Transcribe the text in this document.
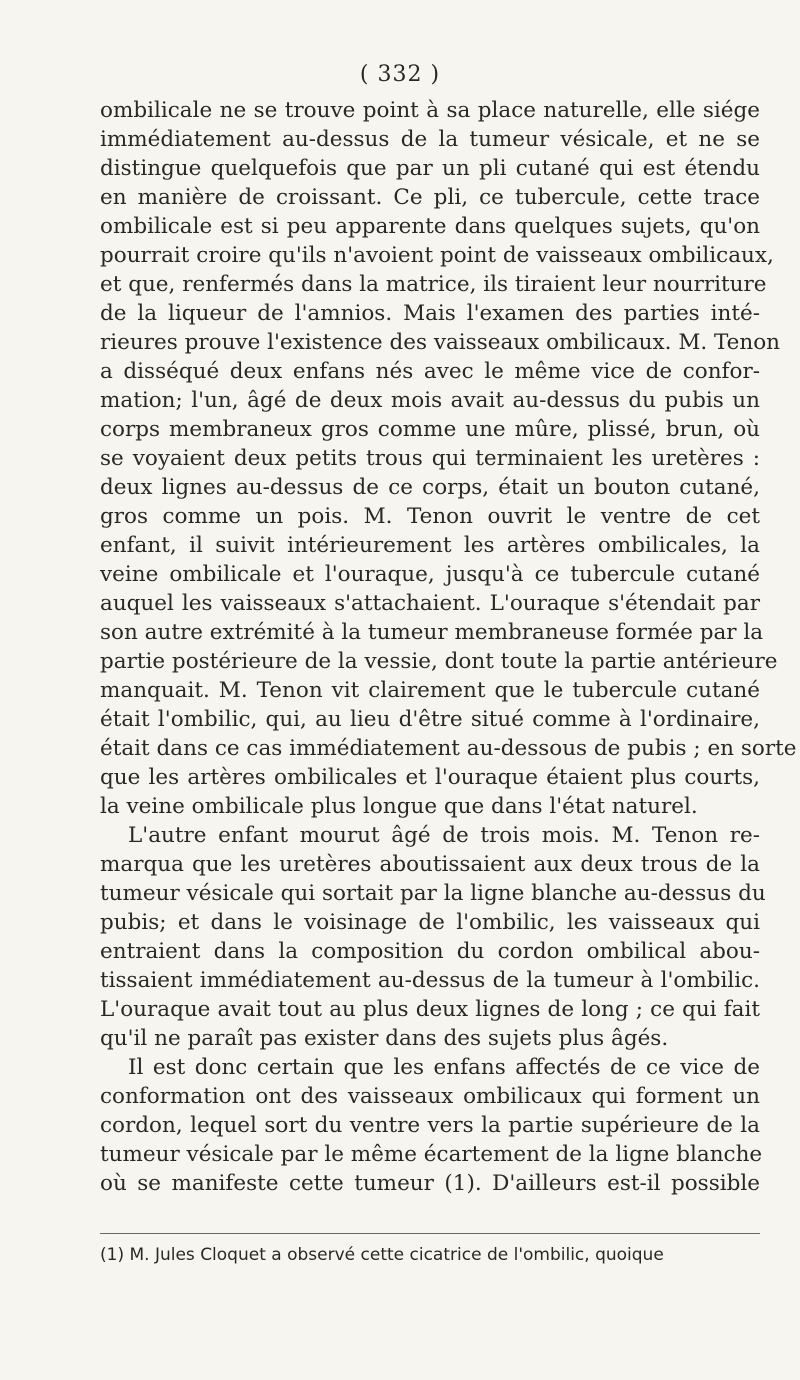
( 332 )
ombilicale ne se trouve point à sa place naturelle, elle siége
immédiatement au-dessus de la tumeur vésicale, et ne se
distingue quelquefois que par un pli cutané qui est étendu
en manière de croissant. Ce pli, ce tubercule, cette trace
ombilicale est si peu apparente dans quelques sujets, qu'on
pourrait croire qu'ils n'avoient point de vaisseaux ombilicaux,
et que, renfermés dans la matrice, ils tiraient leur nourriture
de la liqueur de l'amnios. Mais l'examen des parties inté-
rieures prouve l'existence des vaisseaux ombilicaux. M. Tenon
a disséqué deux enfans nés avec le même vice de confor-
mation; l'un, âgé de deux mois avait au-dessus du pubis un
corps membraneux gros comme une mûre, plissé, brun, où
se voyaient deux petits trous qui terminaient les uretères :
deux lignes au-dessus de ce corps, était un bouton cutané,
gros comme un pois. M. Tenon ouvrit le ventre de cet
enfant, il suivit intérieurement les artères ombilicales, la
veine ombilicale et l'ouraque, jusqu'à ce tubercule cutané
auquel les vaisseaux s'attachaient. L'ouraque s'étendait par
son autre extrémité à la tumeur membraneuse formée par la
partie postérieure de la vessie, dont toute la partie antérieure
manquait. M. Tenon vit clairement que le tubercule cutané
était l'ombilic, qui, au lieu d'être situé comme à l'ordinaire,
était dans ce cas immédiatement au-dessous de pubis ; en sorte
que les artères ombilicales et l'ouraque étaient plus courts,
la veine ombilicale plus longue que dans l'état naturel.
L'autre enfant mourut âgé de trois mois. M. Tenon re-
marqua que les uretères aboutissaient aux deux trous de la
tumeur vésicale qui sortait par la ligne blanche au-dessus du
pubis; et dans le voisinage de l'ombilic, les vaisseaux qui
entraient dans la composition du cordon ombilical abou-
tissaient immédiatement au-dessus de la tumeur à l'ombilic.
L'ouraque avait tout au plus deux lignes de long ; ce qui fait
qu'il ne paraît pas exister dans des sujets plus âgés.
Il est donc certain que les enfans affectés de ce vice de
conformation ont des vaisseaux ombilicaux qui forment un
cordon, lequel sort du ventre vers la partie supérieure de la
tumeur vésicale par le même écartement de la ligne blanche
où se manifeste cette tumeur (1). D'ailleurs est-il possible
(1) M. Jules Cloquet a observé cette cicatrice de l'ombilic, quoique
